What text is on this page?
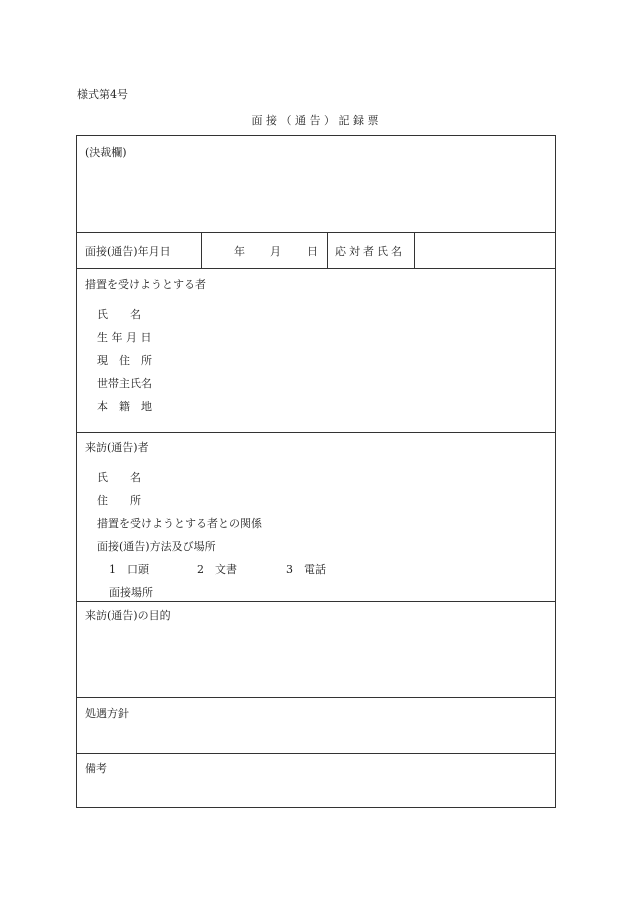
様式第4号
面 接 （ 通 告 ） 記 録 票
(決裁欄)
面接(通告)年月日	年 月 日 応対者氏名
措置を受けようとする者
氏　　名
生 年 月 日
現　住　所
世帯主氏名
本　籍　地
来訪(通告)者
氏　　名
住　　所
措置を受けようとする者との関係
面接(通告)方法及び場所
1　口頭	2　文書	3　電話
面接場所
来訪(通告)の目的
処遇方針
備考
